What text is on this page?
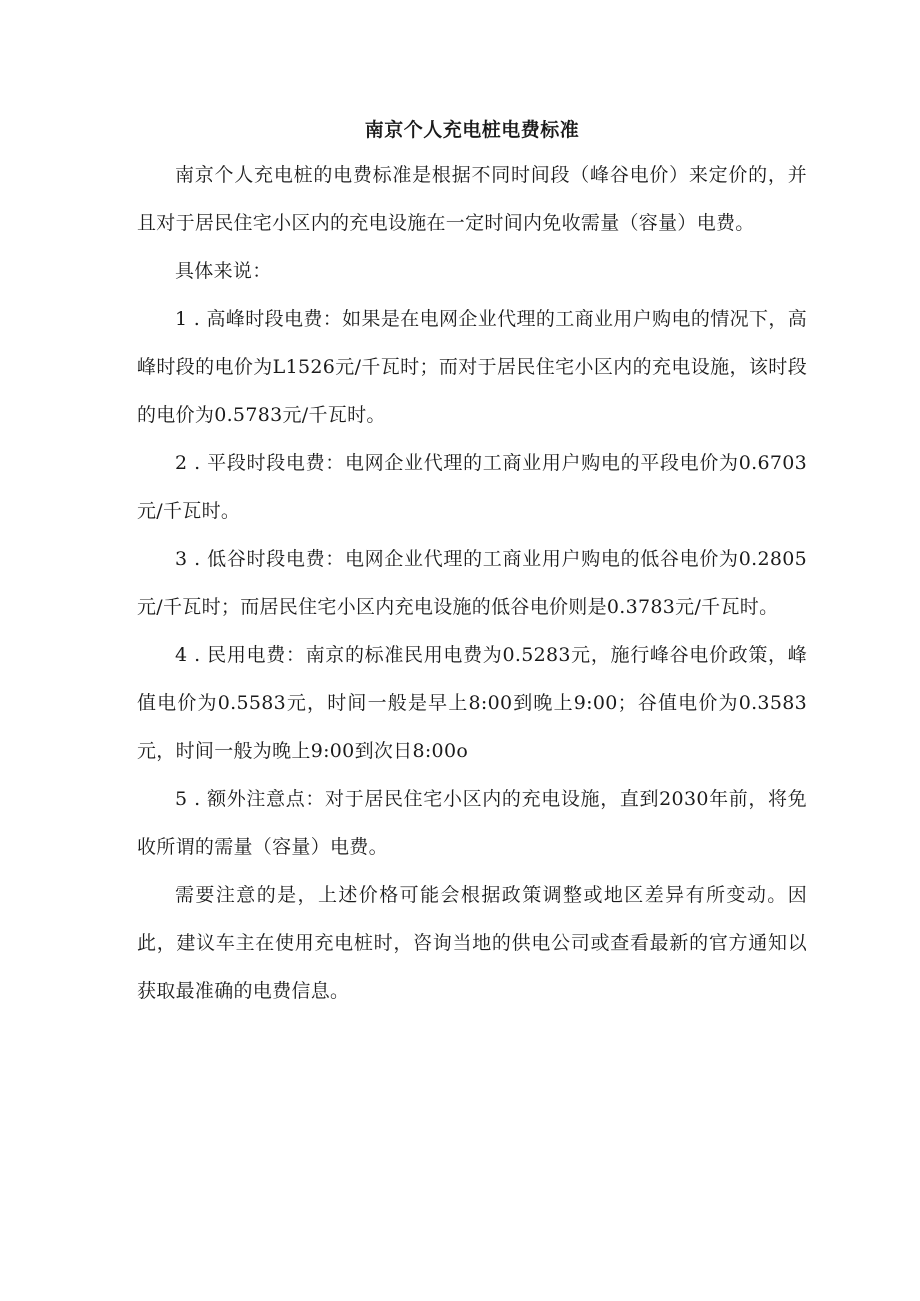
南京个人充电桩电费标准

南京个人充电桩的电费标准是根据不同时间段（峰谷电价）来定价的，并且对于居民住宅小区内的充电设施在一定时间内免收需量（容量）电费。

具体来说：

1 . 高峰时段电费：如果是在电网企业代理的工商业用户购电的情况下，高峰时段的电价为L1526元/千瓦时；而对于居民住宅小区内的充电设施，该时段的电价为0.5783元/千瓦时。

2 . 平段时段电费：电网企业代理的工商业用户购电的平段电价为0.6703元/千瓦时。

3 . 低谷时段电费：电网企业代理的工商业用户购电的低谷电价为0.2805元/千瓦时；而居民住宅小区内充电设施的低谷电价则是0.3783元/千瓦时。

4 . 民用电费：南京的标准民用电费为0.5283元，施行峰谷电价政策，峰值电价为0.5583元，时间一般是早上8:00到晚上9:00；谷值电价为0.3583元，时间一般为晚上9:00到次日8:00o

5 . 额外注意点：对于居民住宅小区内的充电设施，直到2030年前，将免收所谓的需量（容量）电费。

需要注意的是，上述价格可能会根据政策调整或地区差异有所变动。因此，建议车主在使用充电桩时，咨询当地的供电公司或查看最新的官方通知以获取最准确的电费信息。
